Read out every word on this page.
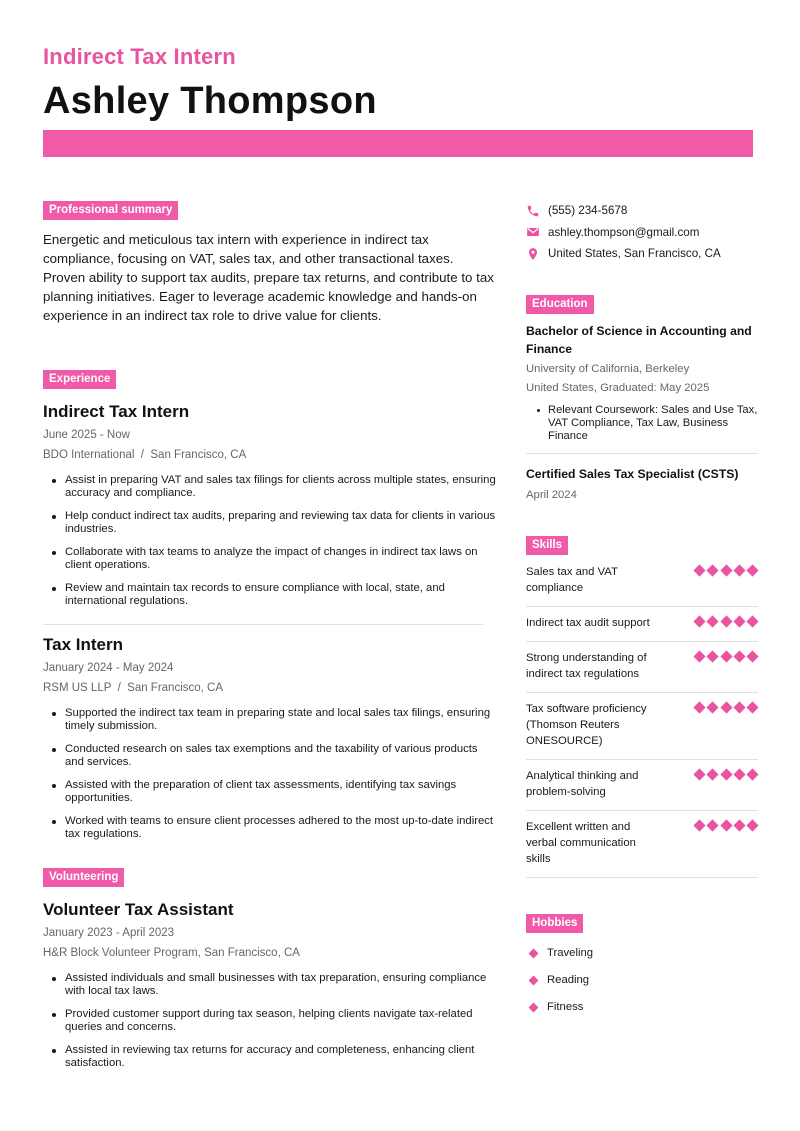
Indirect Tax Intern
Ashley Thompson
Professional summary

Energetic and meticulous tax intern with experience in indirect tax compliance, focusing on VAT, sales tax, and other transactional taxes. Proven ability to support tax audits, prepare tax returns, and contribute to tax planning initiatives. Eager to leverage academic knowledge and hands-on experience in an indirect tax role to drive value for clients.

Experience
Indirect Tax Intern
June 2025 - Now
BDO International  /  San Francisco, CA
Assist in preparing VAT and sales tax filings for clients across multiple states, ensuring accuracy and compliance.
Help conduct indirect tax audits, preparing and reviewing tax data for clients in various industries.
Collaborate with tax teams to analyze the impact of changes in indirect tax laws on client operations.
Review and maintain tax records to ensure compliance with local, state, and international regulations.
Tax Intern
January 2024 - May 2024
RSM US LLP  /  San Francisco, CA
Supported the indirect tax team in preparing state and local sales tax filings, ensuring timely submission.
Conducted research on sales tax exemptions and the taxability of various products and services.
Assisted with the preparation of client tax assessments, identifying tax savings opportunities.
Worked with teams to ensure client processes adhered to the most up-to-date indirect tax regulations.
Volunteering
Volunteer Tax Assistant
January 2023 - April 2023
H&R Block Volunteer Program, San Francisco, CA
Assisted individuals and small businesses with tax preparation, ensuring compliance with local tax laws.
Provided customer support during tax season, helping clients navigate tax-related queries and concerns.
Assisted in reviewing tax returns for accuracy and completeness, enhancing client satisfaction.
(555) 234-5678
ashley.thompson@gmail.com
United States, San Francisco, CA
Education
Bachelor of Science in Accounting and Finance
University of California, Berkeley
United States, Graduated: May 2025
Relevant Coursework: Sales and Use Tax, VAT Compliance, Tax Law, Business Finance
Certified Sales Tax Specialist (CSTS)
April 2024
Skills
Sales tax and VAT compliance
Indirect tax audit support
Strong understanding of indirect tax regulations
Tax software proficiency (Thomson Reuters ONESOURCE)
Analytical thinking and problem-solving
Excellent written and verbal communication skills
Hobbies
Traveling
Reading
Fitness
